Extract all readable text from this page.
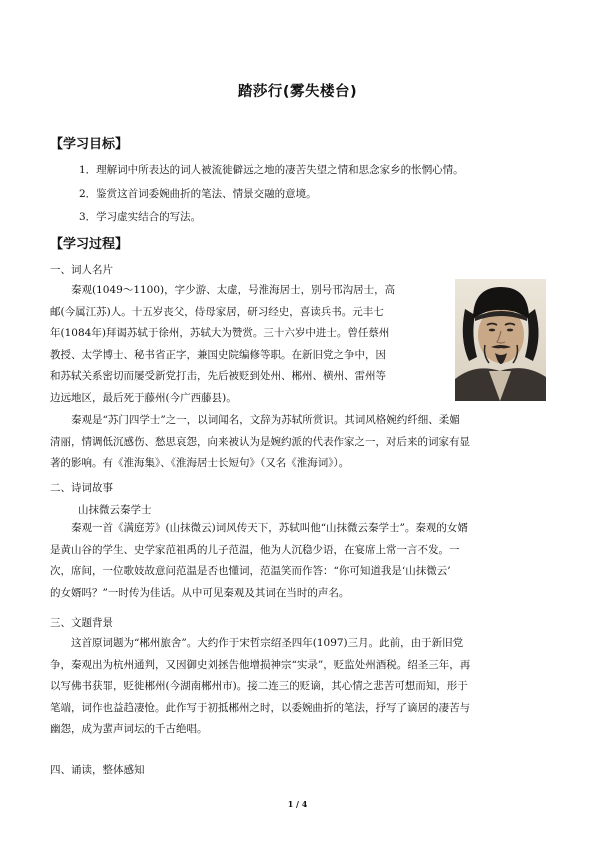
踏莎行(雾失楼台)
【学习目标】
1．理解词中所表达的词人被流徙僻远之地的凄苦失望之情和思念家乡的怅惘心情。
2．鉴赏这首词委婉曲折的笔法、情景交融的意境。
3．学习虚实结合的写法。
【学习过程】
一、词人名片
秦观(1049～1100)，字少游、太虚，号淮海居士，别号邗沟居士，高
邮(今属江苏)人。十五岁丧父，侍母家居，研习经史，喜读兵书。元丰七
年(1084年)拜谒苏轼于徐州，苏轼大为赞赏。三十六岁中进士。曾任蔡州
教授、太学博士、秘书省正字，兼国史院编修等职。在新旧党之争中，因
和苏轼关系密切而屡受新党打击，先后被贬到处州、郴州、横州、雷州等
边远地区，最后死于藤州(今广西藤县)。
秦观是“苏门四学士”之一，以词闻名，文辞为苏轼所赏识。其词风格婉约纤细、柔媚
清丽，情调低沉感伤、愁思哀怨，向来被认为是婉约派的代表作家之一，对后来的词家有显
著的影响。有《淮海集》、《淮海居士长短句》（又名《淮海词》）。
二、诗词故事
山抹微云秦学士
秦观一首《满庭芳》(山抹微云)词风传天下，苏轼叫他“山抹微云秦学士”。秦观的女婿
是黄山谷的学生、史学家范祖禹的儿子范温，他为人沉稳少语，在宴席上常一言不发。一
次，席间，一位歌妓故意问范温是否也懂词，范温笑而作答：“你可知道我是‘山抹微云’
的女婿吗？”一时传为佳话。从中可见秦观及其词在当时的声名。
三、文题背景
这首原词题为“郴州旅舍”。大约作于宋哲宗绍圣四年(1097)三月。此前，由于新旧党
争，秦观出为杭州通判，又因御史刘拯告他增损神宗“实录”，贬监处州酒税。绍圣三年，再
以写佛书获罪，贬徙郴州(今湖南郴州市)。接二连三的贬谪，其心情之悲苦可想而知，形于
笔端，词作也益趋凄怆。此作写于初抵郴州之时，以委婉曲折的笔法，抒写了谪居的凄苦与
幽怨，成为蜚声词坛的千古绝唱。
四、诵读，整体感知
1 / 4
